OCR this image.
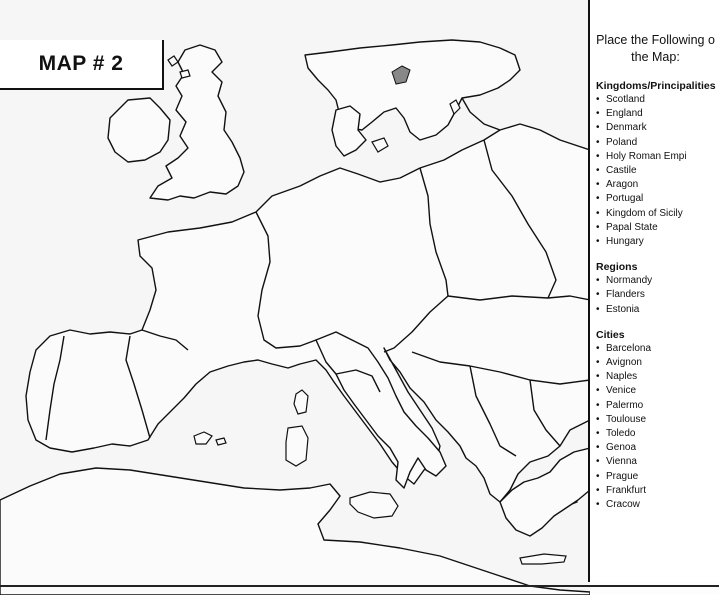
MAP # 2
Place the Following o
the Map:
Kingdoms/Principalities
• Scotland
• England
• Denmark
• Poland
• Holy Roman Empi
• Castile
• Aragon
• Portugal
• Kingdom of Sicily
• Papal State
• Hungary
Regions
• Normandy
• Flanders
• Estonia
Cities
• Barcelona
• Avignon
• Naples
• Venice
• Palermo
• Toulouse
• Toledo
• Genoa
• Vienna
• Prague
• Frankfurt
• Cracow
